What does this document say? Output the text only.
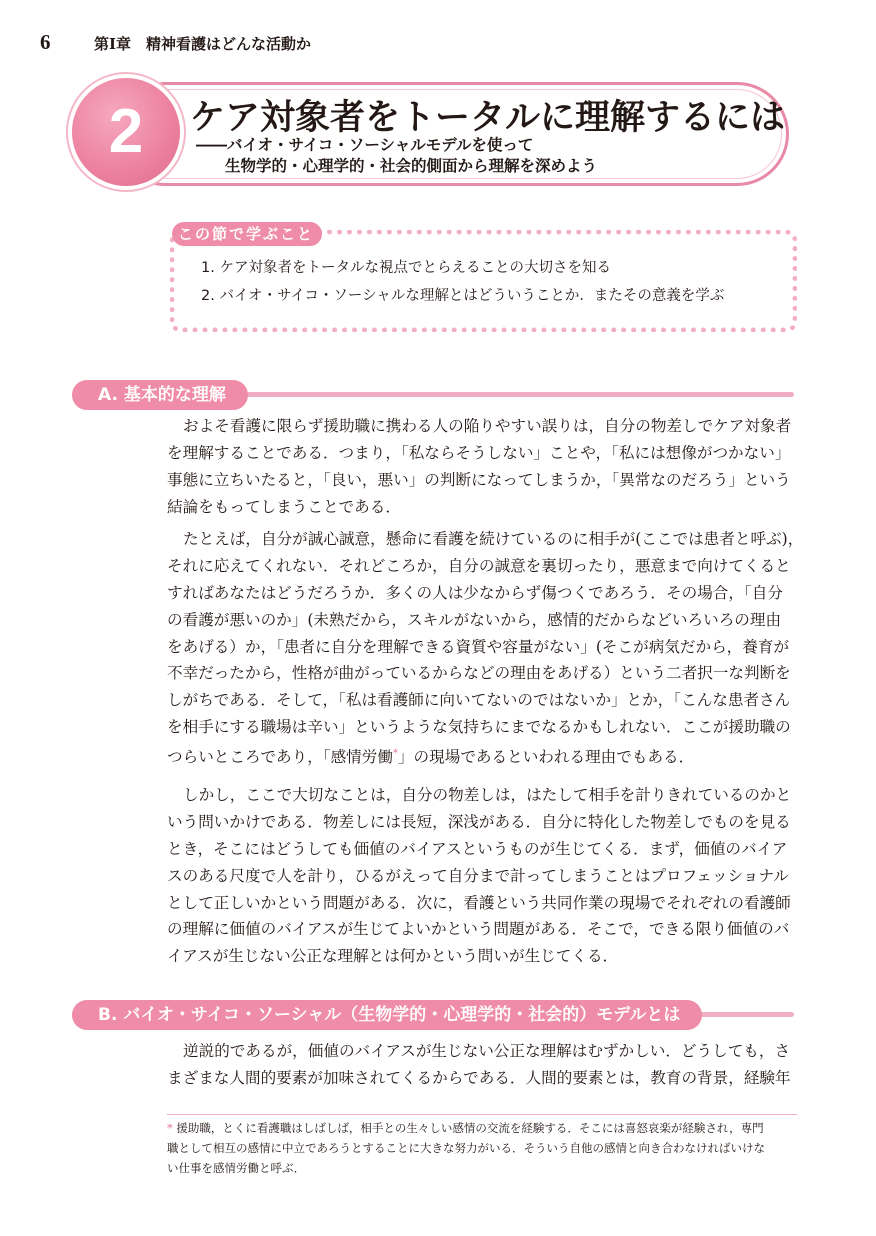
6	第Ⅰ章　精神看護はどんな活動か
2	ケア対象者をトータルに理解するには
――バイオ・サイコ・ソーシャルモデルを使って
生物学的・心理学的・社会的側面から理解を深めよう
この節で学ぶこと
1. ケア対象者をトータルな視点でとらえることの大切さを知る
2. バイオ・サイコ・ソーシャルな理解とはどういうことか．またその意義を学ぶ
A. 基本的な理解
およそ看護に限らず援助職に携わる人の陥りやすい誤りは，自分の物差しでケア対象者
を理解することである．つまり，「私ならそうしない」ことや，「私には想像がつかない」
事態に立ちいたると，「良い，悪い」の判断になってしまうか，「異常なのだろう」という
結論をもってしまうことである．
たとえば，自分が誠心誠意，懸命に看護を続けているのに相手が(ここでは患者と呼ぶ)，
それに応えてくれない．それどころか，自分の誠意を裏切ったり，悪意まで向けてくると
すればあなたはどうだろうか．多くの人は少なからず傷つくであろう．その場合，「自分
の看護が悪いのか」(未熟だから，スキルがないから，感情的だからなどいろいろの理由
をあげる）か，「患者に自分を理解できる資質や容量がない」(そこが病気だから，養育が
不幸だったから，性格が曲がっているからなどの理由をあげる）という二者択一な判断を
しがちである．そして，「私は看護師に向いてないのではないか」とか，「こんな患者さん
を相手にする職場は辛い」というような気持ちにまでなるかもしれない．ここが援助職の
つらいところであり，「感情労働*」の現場であるといわれる理由でもある．
しかし，ここで大切なことは，自分の物差しは，はたして相手を計りきれているのかと
いう問いかけである．物差しには長短，深浅がある．自分に特化した物差しでものを見る
とき，そこにはどうしても価値のバイアスというものが生じてくる．まず，価値のバイア
スのある尺度で人を計り，ひるがえって自分まで計ってしまうことはプロフェッショナル
として正しいかという問題がある．次に，看護という共同作業の現場でそれぞれの看護師
の理解に価値のバイアスが生じてよいかという問題がある．そこで，できる限り価値のバ
イアスが生じない公正な理解とは何かという問いが生じてくる．
B. バイオ・サイコ・ソーシャル（生物学的・心理学的・社会的）モデルとは
逆説的であるが，価値のバイアスが生じない公正な理解はむずかしい．どうしても，さ
まざまな人間的要素が加味されてくるからである．人間的要素とは，教育の背景，経験年
* 援助職，とくに看護職はしばしば，相手との生々しい感情の交流を経験する．そこには喜怒哀楽が経験され，専門
職として相互の感情に中立であろうとすることに大きな努力がいる．そういう自他の感情と向き合わなければいけな
い仕事を感情労働と呼ぶ．
